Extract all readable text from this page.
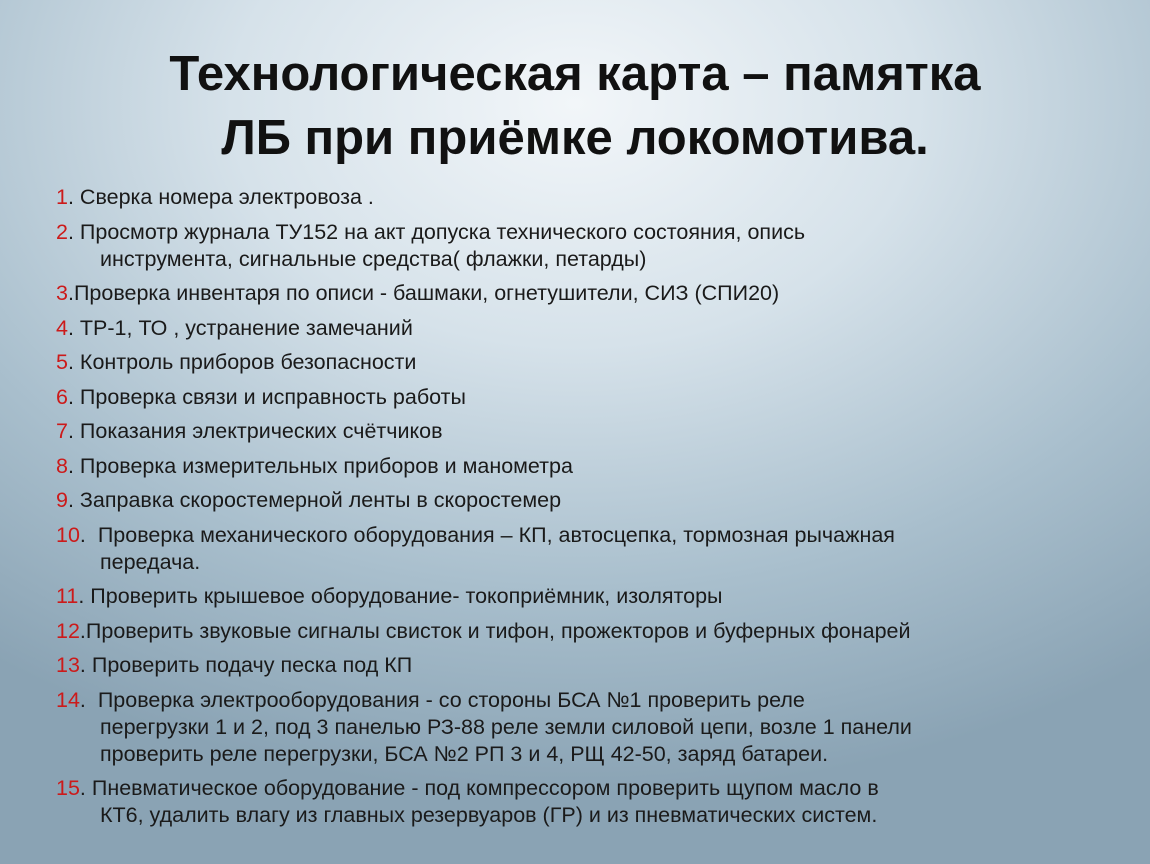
Технологическая карта – памятка
ЛБ при приёмке локомотива.
1. Сверка номера электровоза .
2. Просмотр журнала ТУ152 на акт допуска технического состояния, опись
инструмента, сигнальные средства( флажки, петарды)
3.Проверка инвентаря по описи - башмаки, огнетушители, СИЗ (СПИ20)
4. ТР-1, ТО , устранение замечаний
5. Контроль приборов безопасности
6. Проверка связи и исправность работы
7. Показания электрических счётчиков
8. Проверка измерительных приборов и манометра
9. Заправка скоростемерной ленты в скоростемер
10.  Проверка механического оборудования – КП, автосцепка, тормозная рычажная
передача.
11. Проверить крышевое оборудование- токоприёмник, изоляторы
12.Проверить звуковые сигналы свисток и тифон, прожекторов и буферных фонарей
13. Проверить подачу песка под КП
14.  Проверка электрооборудования - со стороны БСА №1 проверить реле
перегрузки 1 и 2, под 3 панелью РЗ-88 реле земли силовой цепи, возле 1 панели
проверить реле перегрузки, БСА №2 РП 3 и 4, РЩ 42-50, заряд батареи.
15. Пневматическое оборудование - под компрессором проверить щупом масло в
КТ6, удалить влагу из главных резервуаров (ГР) и из пневматических систем.
